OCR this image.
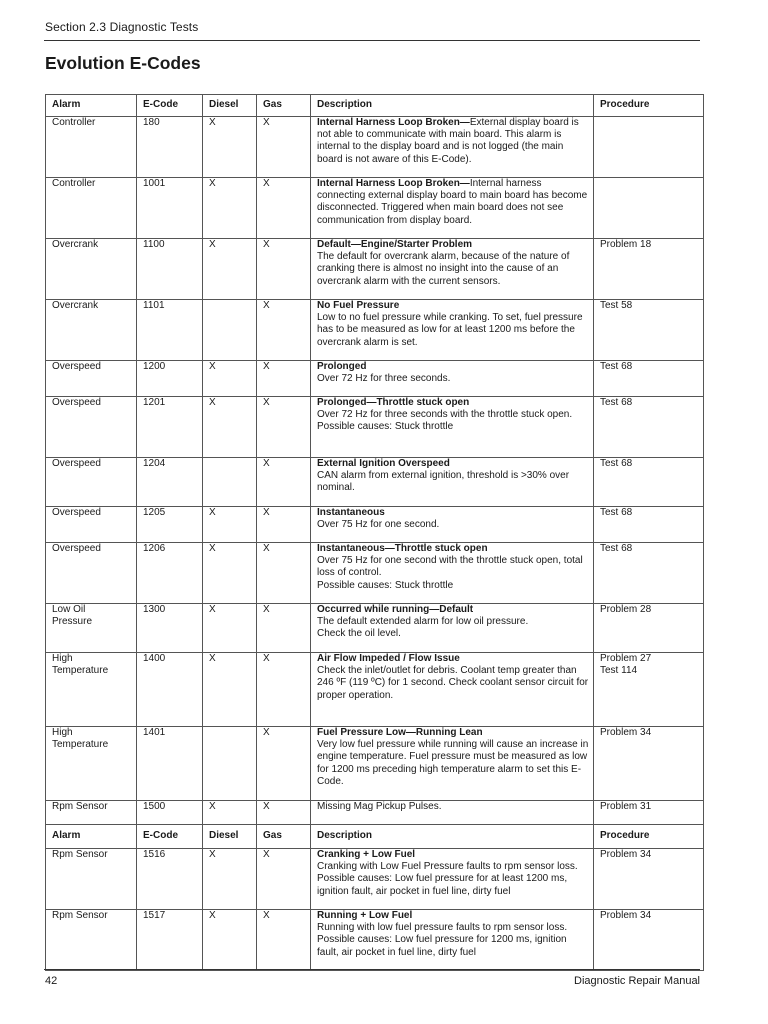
Section 2.3 Diagnostic Tests
Evolution E-Codes
Alarm	E-Code	Diesel	Gas	Description	Procedure
Controller	180	X	X	Internal Harness Loop Broken—External display board is not able to communicate with main board. This alarm is internal to the display board and is not logged (the main board is not aware of this E-Code).	
Controller	1001	X	X	Internal Harness Loop Broken—Internal harness connecting external display board to main board has become disconnected. Triggered when main board does not see communication from display board.	
Overcrank	1100	X	X	Default—Engine/Starter Problem
The default for overcrank alarm, because of the nature of cranking there is almost no insight into the cause of an overcrank alarm with the current sensors.	Problem 18
Overcrank	1101		X	No Fuel Pressure
Low to no fuel pressure while cranking. To set, fuel pressure has to be measured as low for at least 1200 ms before the overcrank alarm is set.	Test 58
Overspeed	1200	X	X	Prolonged
Over 72 Hz for three seconds.	Test 68
Overspeed	1201	X	X	Prolonged—Throttle stuck open
Over 72 Hz for three seconds with the throttle stuck open.
Possible causes: Stuck throttle	Test 68
Overspeed	1204		X	External Ignition Overspeed
CAN alarm from external ignition, threshold is >30% over nominal.	Test 68
Overspeed	1205	X	X	Instantaneous
Over 75 Hz for one second.	Test 68
Overspeed	1206	X	X	Instantaneous—Throttle stuck open
Over 75 Hz for one second with the throttle stuck open, total loss of control.
Possible causes: Stuck throttle	Test 68
Low Oil
Pressure	1300	X	X	Occurred while running—Default
The default extended alarm for low oil pressure.
Check the oil level.	Problem 28
High
Temperature	1400	X	X	Air Flow Impeded / Flow Issue
Check the inlet/outlet for debris. Coolant temp greater than 246 ºF (119 ºC) for 1 second. Check coolant sensor circuit for proper operation.	Problem 27
Test 114
High
Temperature	1401		X	Fuel Pressure Low—Running Lean
Very low fuel pressure while running will cause an increase in engine temperature. Fuel pressure must be measured as low for 1200 ms preceding high temperature alarm to set this E-Code.	Problem 34
Rpm Sensor	1500	X	X	Missing Mag Pickup Pulses.	Problem 31
Alarm	E-Code	Diesel	Gas	Description	Procedure
Rpm Sensor	1516	X	X	Cranking + Low Fuel
Cranking with Low Fuel Pressure faults to rpm sensor loss. Possible causes: Low fuel pressure for at least 1200 ms, ignition fault, air pocket in fuel line, dirty fuel	Problem 34
Rpm Sensor	1517	X	X	Running + Low Fuel
Running with low fuel pressure faults to rpm sensor loss. Possible causes: Low fuel pressure for 1200 ms, ignition fault, air pocket in fuel line, dirty fuel	Problem 34
42	Diagnostic Repair Manual
